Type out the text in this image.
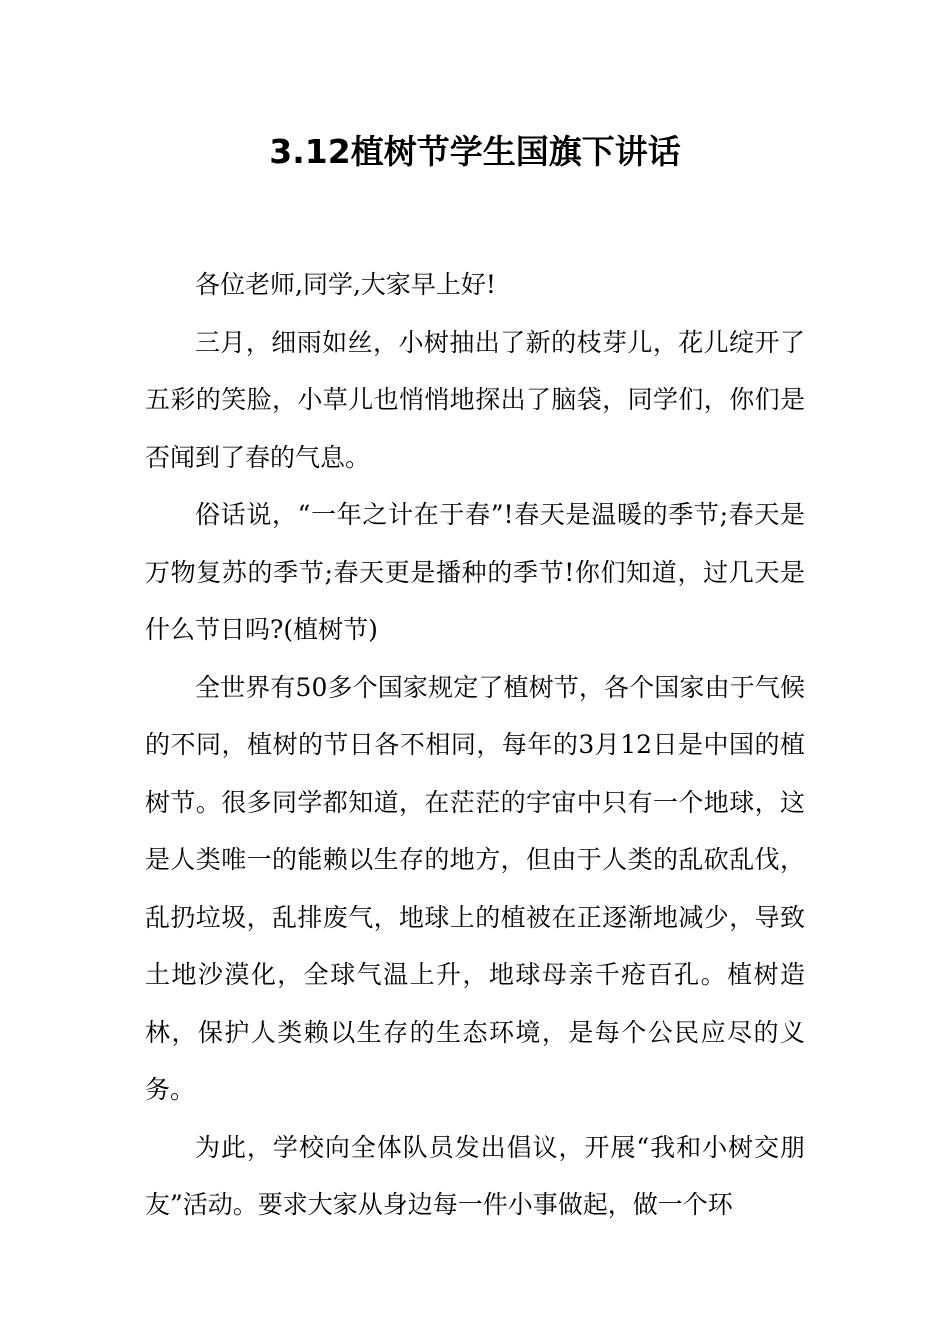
3.12植树节学生国旗下讲话

各位老师,同学,大家早上好!

三月，细雨如丝，小树抽出了新的枝芽儿，花儿绽开了五彩的笑脸，小草儿也悄悄地探出了脑袋，同学们，你们是否闻到了春的气息。

俗话说，“一年之计在于春”!春天是温暖的季节;春天是万物复苏的季节;春天更是播种的季节!你们知道，过几天是什么节日吗?(植树节)

全世界有50多个国家规定了植树节，各个国家由于气候的不同，植树的节日各不相同，每年的3月12日是中国的植树节。很多同学都知道，在茫茫的宇宙中只有一个地球，这是人类唯一的能赖以生存的地方，但由于人类的乱砍乱伐，乱扔垃圾，乱排废气，地球上的植被在正逐渐地减少，导致土地沙漠化，全球气温上升，地球母亲千疮百孔。植树造林，保护人类赖以生存的生态环境，是每个公民应尽的义务。

为此，学校向全体队员发出倡议，开展“我和小树交朋友”活动。要求大家从身边每一件小事做起，做一个环
